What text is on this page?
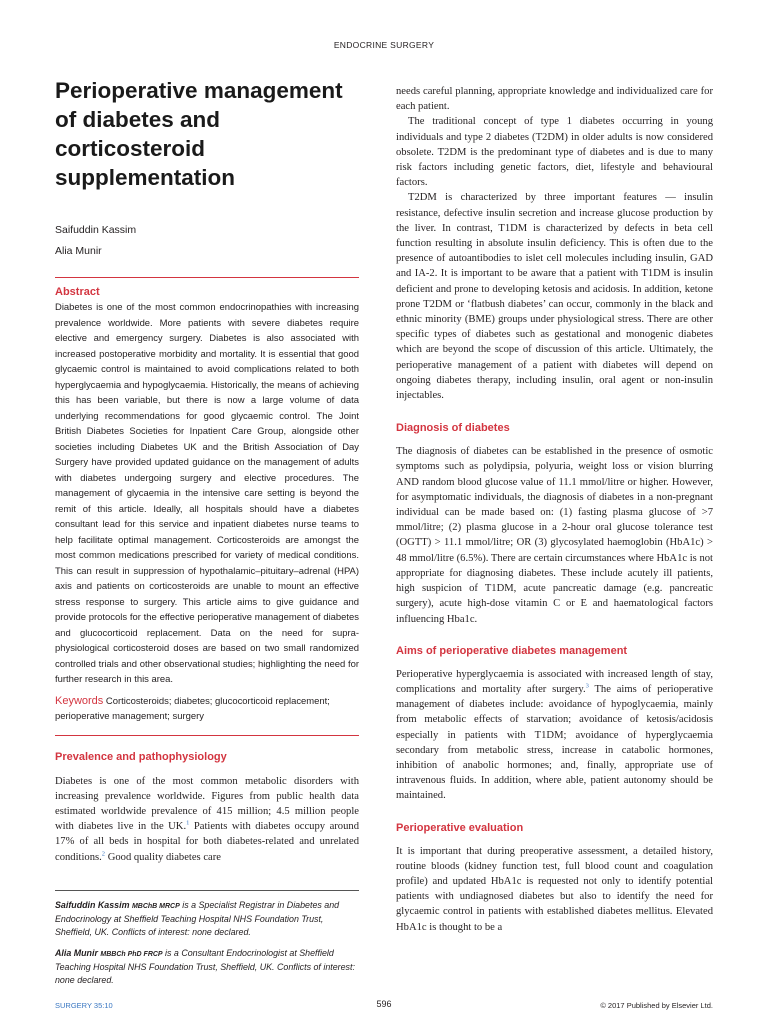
ENDOCRINE SURGERY
Perioperative management of diabetes and corticosteroid supplementation
Saifuddin Kassim
Alia Munir
Abstract

Diabetes is one of the most common endocrinopathies with increasing prevalence worldwide. More patients with severe diabetes require elective and emergency surgery. Diabetes is also associated with increased postoperative morbidity and mortality. It is essential that good glycaemic control is maintained to avoid complications related to both hyperglycaemia and hypoglycaemia. Historically, the means of achieving this has been variable, but there is now a large volume of data underlying recommendations for good glycaemic control. The Joint British Diabetes Societies for Inpatient Care Group, alongside other societies including Diabetes UK and the British Association of Day Surgery have provided updated guidance on the management of adults with diabetes undergoing surgery and elective procedures. The management of glycaemia in the intensive care setting is beyond the remit of this article. Ideally, all hospitals should have a diabetes consultant lead for this service and inpatient diabetes nurse teams to help facilitate optimal management. Corticosteroids are amongst the most common medications prescribed for variety of medical conditions. This can result in suppression of hypothalamic–pituitary–adrenal (HPA) axis and patients on corticosteroids are unable to mount an effective stress response to surgery. This article aims to give guidance and provide protocols for the effective perioperative management of diabetes and glucocorticoid replacement. Data on the need for supra-physiological corticosteroid doses are based on two small randomized controlled trials and other observational studies; highlighting the need for further research in this area.

Keywords Corticosteroids; diabetes; glucocorticoid replacement; perioperative management; surgery
Prevalence and pathophysiology

Diabetes is one of the most common metabolic disorders with increasing prevalence worldwide. Figures from public health data estimated worldwide prevalence of 415 million; 4.5 million people with diabetes live in the UK.$^1$ Patients with diabetes occupy around 17% of all beds in hospital for both diabetes-related and unrelated conditions.$^2$ Good quality diabetes care

Saifuddin Kassim MBChB MRCP is a Specialist Registrar in Diabetes and Endocrinology at Sheffield Teaching Hospital NHS Foundation Trust, Sheffield, UK. Conflicts of interest: none declared.

Alia Munir MBBCh PhD FRCP is a Consultant Endocrinologist at Sheffield Teaching Hospital NHS Foundation Trust, Sheffield, UK. Conflicts of interest: none declared.

needs careful planning, appropriate knowledge and individualized care for each patient.

The traditional concept of type 1 diabetes occurring in young individuals and type 2 diabetes (T2DM) in older adults is now considered obsolete. T2DM is the predominant type of diabetes and is due to many risk factors including genetic factors, diet, lifestyle and behavioural factors.

T2DM is characterized by three important features — insulin resistance, defective insulin secretion and increase glucose production by the liver. In contrast, T1DM is characterized by defects in beta cell function resulting in absolute insulin deficiency. This is often due to the presence of autoantibodies to islet cell molecules including insulin, GAD and IA-2. It is important to be aware that a patient with T1DM is insulin deficient and prone to developing ketosis and acidosis. In addition, ketone prone T2DM or ‘flatbush diabetes’ can occur, commonly in the black and ethnic minority (BME) groups under physiological stress. There are other specific types of diabetes such as gestational and monogenic diabetes which are beyond the scope of discussion of this article. Ultimately, the perioperative management of a patient with diabetes will depend on ongoing diabetes therapy, including insulin, oral agent or non-insulin injectables.

Diagnosis of diabetes

The diagnosis of diabetes can be established in the presence of osmotic symptoms such as polydipsia, polyuria, weight loss or vision blurring AND random blood glucose value of 11.1 mmol/litre or higher. However, for asymptomatic individuals, the diagnosis of diabetes in a non-pregnant individual can be made based on: (1) fasting plasma glucose of >7 mmol/litre; (2) plasma glucose in a 2-hour oral glucose tolerance test (OGTT) > 11.1 mmol/litre; OR (3) glycosylated haemoglobin (HbA1c) > 48 mmol/litre (6.5%). There are certain circumstances where HbA1c is not appropriate for diagnosing diabetes. These include acutely ill patients, high suspicion of T1DM, acute pancreatic damage (e.g. pancreatic surgery), acute high-dose vitamin C or E and haematological factors influencing Hba1c.

Aims of perioperative diabetes management

Perioperative hyperglycaemia is associated with increased length of stay, complications and mortality after surgery.$^3$ The aims of perioperative management of diabetes include: avoidance of hypoglycaemia, mainly from metabolic effects of starvation; avoidance of ketosis/acidosis especially in patients with T1DM; avoidance of hyperglycaemia secondary from metabolic stress, increase in catabolic hormones, inhibition of anabolic hormones; and, finally, appropriate use of intravenous fluids. In addition, where able, patient autonomy should be maintained.

Perioperative evaluation

It is important that during preoperative assessment, a detailed history, routine bloods (kidney function test, full blood count and coagulation profile) and updated HbA1c is requested not only to identify potential patients with undiagnosed diabetes but also to identify the need for glycaemic control in patients with established diabetes mellitus. Elevated HbA1c is thought to be a

SURGERY 35:10	596	© 2017 Published by Elsevier Ltd.
